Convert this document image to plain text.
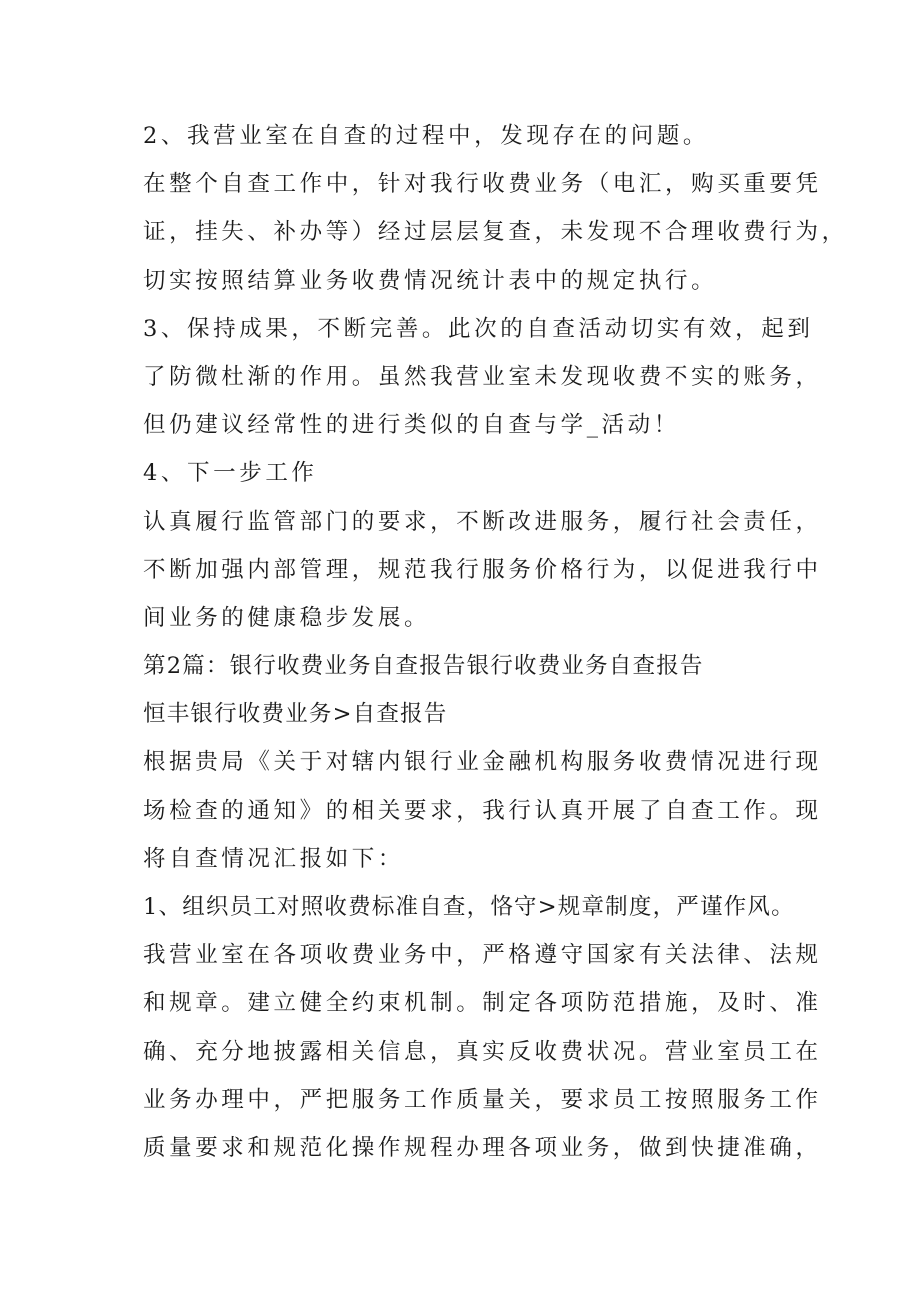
2、我营业室在自查的过程中，发现存在的问题。
在整个自查工作中，针对我行收费业务（电汇，购买重要凭
证，挂失、补办等）经过层层复查，未发现不合理收费行为，
切实按照结算业务收费情况统计表中的规定执行。
3、保持成果，不断完善。此次的自查活动切实有效，起到
了防微杜渐的作用。虽然我营业室未发现收费不实的账务，
但仍建议经常性的进行类似的自查与学_活动！
4、下一步工作
认真履行监管部门的要求，不断改进服务，履行社会责任，
不断加强内部管理，规范我行服务价格行为，以促进我行中
间业务的健康稳步发展。
第2篇：银行收费业务自查报告银行收费业务自查报告
恒丰银行收费业务>自查报告
根据贵局《关于对辖内银行业金融机构服务收费情况进行现
场检查的通知》的相关要求，我行认真开展了自查工作。现
将自查情况汇报如下：
1、组织员工对照收费标准自查，恪守>规章制度，严谨作风。
我营业室在各项收费业务中，严格遵守国家有关法律、法规
和规章。建立健全约束机制。制定各项防范措施，及时、准
确、充分地披露相关信息，真实反收费状况。营业室员工在
业务办理中，严把服务工作质量关，要求员工按照服务工作
质量要求和规范化操作规程办理各项业务，做到快捷准确，
